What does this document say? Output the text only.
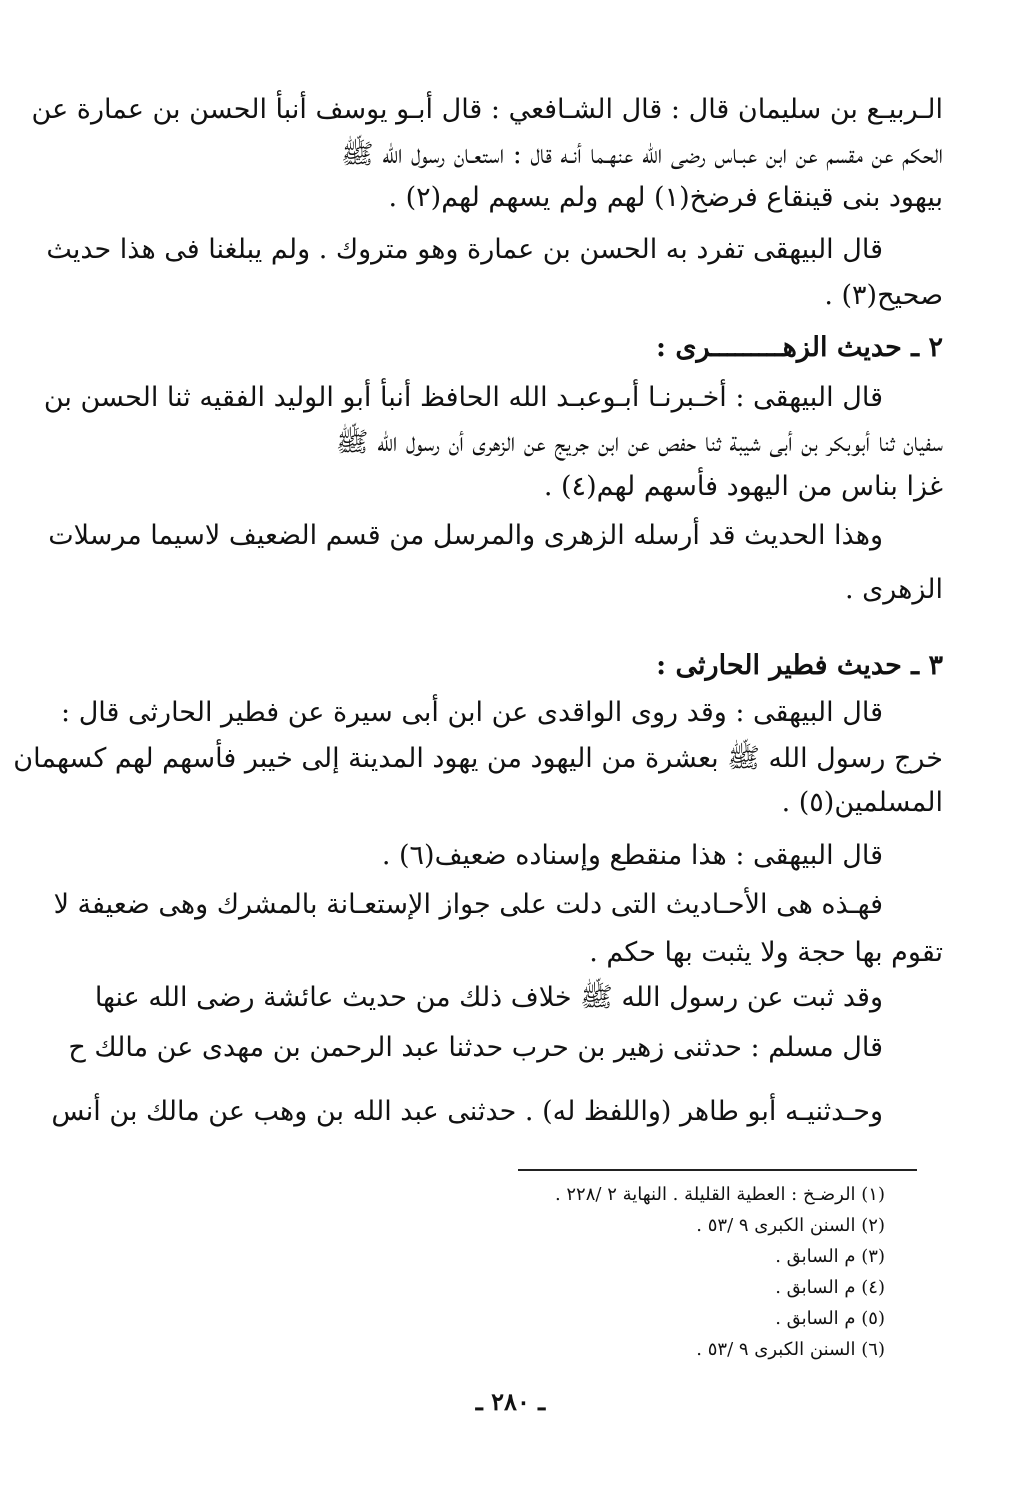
الـربيـع بن سليمان قال : قال الشـافعي : قال أبـو يوسف أنبأ الحسن بن عمارة عن
الحكم عن مقسم عن ابن عبـاس رضى الله عنهـما أنـه قال : استعـان رسول الله ﷺ
بيهود بنى قينقاع فرضخ(١) لهم ولم يسهم لهم(٢) .
قال البيهقى تفرد به الحسن بن عمارة وهو متروك . ولم يبلغنا فى هذا حديث
صحيح(٣) .
٢ ـ حديث الزهـــــــــرى :
قال البيهقى : أخـبرنـا أبـوعبـد الله الحافظ أنبأ أبو الوليد الفقيه ثنا الحسن بن
سفيان ثنا أبوبكر بن أبى شيبة ثنا حفص عن ابن جريج عن الزهرى أن رسول الله ﷺ
غزا بناس من اليهود فأسهم لهم(٤) .
وهذا الحديث قد أرسله الزهرى والمرسل من قسم الضعيف لاسيما مرسلات
الزهرى .
٣ ـ حديث فطير الحارثى :
قال البيهقى : وقد روى الواقدى عن ابن أبى سيرة عن فطير الحارثى قال :
خرج رسول الله ﷺ بعشرة من اليهود من يهود المدينة إلى خيبر فأسهم لهم كسهمان
المسلمين(٥) .
قال البيهقى : هذا منقطع وإسناده ضعيف(٦) .
فهـذه هى الأحـاديث التى دلت على جواز الإستعـانة بالمشرك وهى ضعيفة لا
تقوم بها حجة ولا يثبت بها حكم .
وقد ثبت عن رسول الله ﷺ خلاف ذلك من حديث عائشة رضى الله عنها
قال مسلم : حدثنى زهير بن حرب حدثنا عبد الرحمن بن مهدى عن مالك ح
وحـدثنيـه أبو طاهر (واللفظ له) . حدثنى عبد الله بن وهب عن مالك بن أنس
(١) الرضـخ : العطية القليلة . النهاية ٢ /٢٢٨ .
(٢) السنن الكبرى ٩ /٥٣ .
(٣) م السابق .
(٤) م السابق .
(٥) م السابق .
(٦) السنن الكبرى ٩ /٥٣ .
ـ ٢٨٠ ـ
